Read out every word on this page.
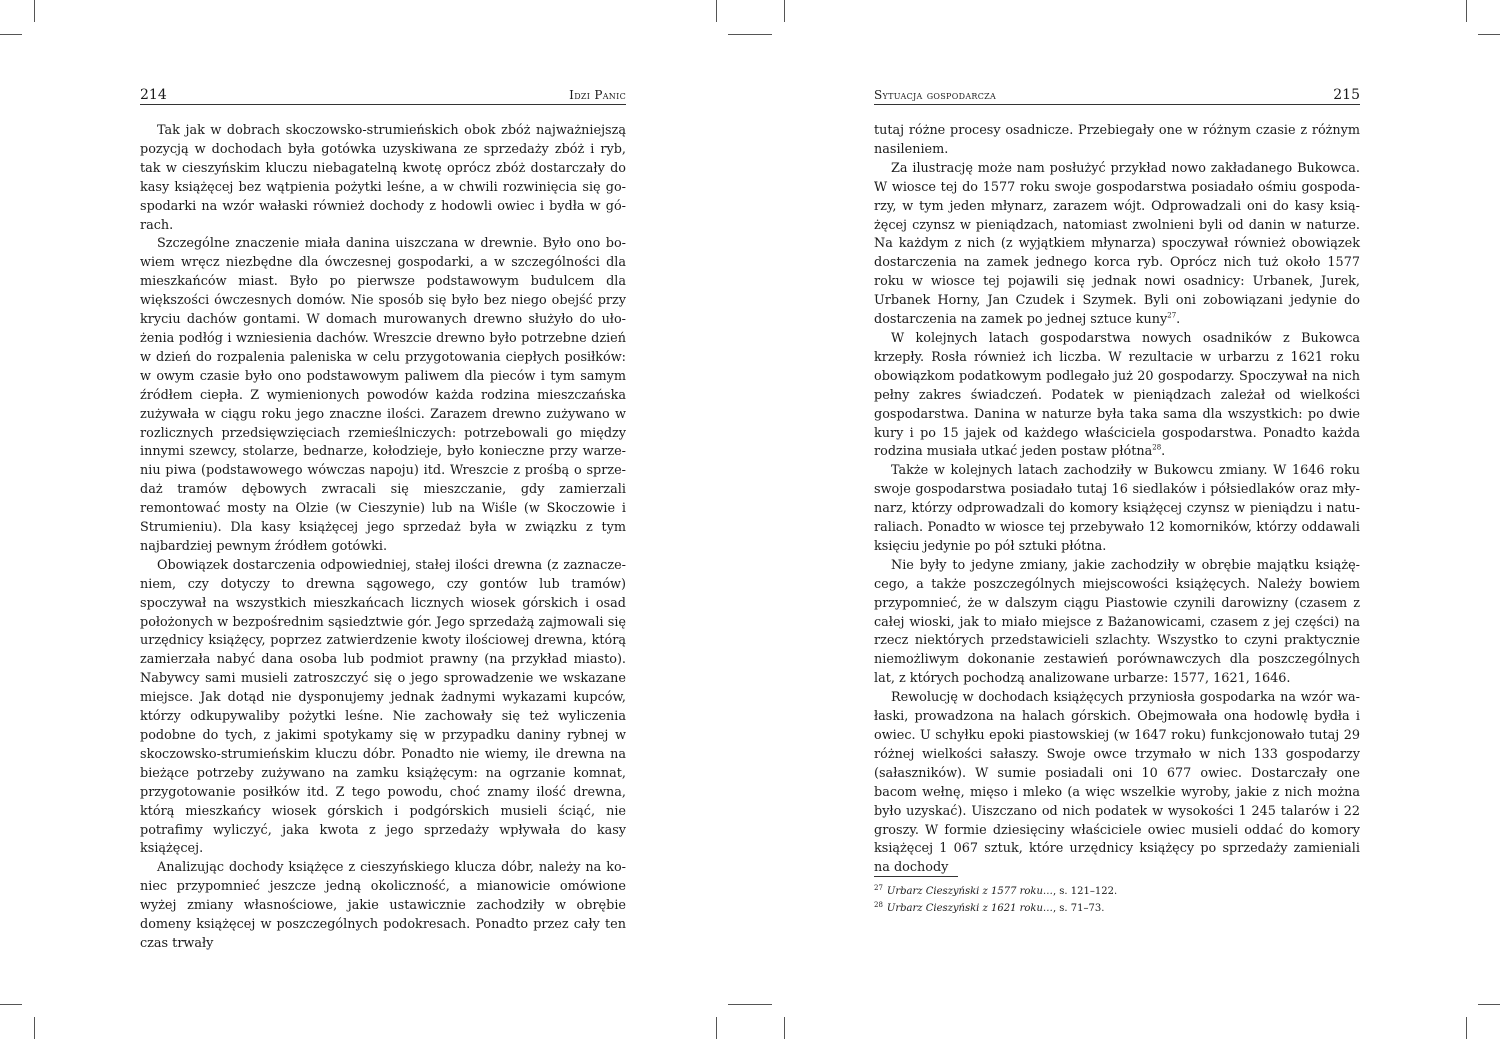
214	Idzi Panic

Tak jak w dobrach skoczowsko-strumieńskich obok zbóż najważniejszą pozycją w dochodach była gotówka uzyskiwana ze sprzedaży zbóż i ryb, tak w cieszyńskim kluczu niebagatelną kwotę oprócz zbóż dostarczały do kasy książęcej bez wątpienia pożytki leśne, a w chwili rozwinięcia się gospodarki na wzór wałaski również dochody z hodowli owiec i bydła w górach.

Szczególne znaczenie miała danina uiszczana w drewnie. Było ono bowiem wręcz niezbędne dla ówczesnej gospodarki, a w szczególności dla mieszkańców miast. Było po pierwsze podstawowym budulcem dla większości ówczesnych domów. Nie sposób się było bez niego obejść przy kryciu dachów gontami. W domach murowanych drewno służyło do ułożenia podłóg i wzniesienia dachów. Wreszcie drewno było potrzebne dzień w dzień do rozpalenia paleniska w celu przygotowania ciepłych posiłków: w owym czasie było ono podstawowym paliwem dla pieców i tym samym źródłem ciepła. Z wymienionych powodów każda rodzina mieszczańska zużywała w ciągu roku jego znaczne ilości. Zarazem drewno zużywano w rozlicznych przedsięwzięciach rzemieślniczych: potrzebowali go między innymi szewcy, stolarze, bednarze, kołodzieje, było konieczne przy warzeniu piwa (podstawowego wówczas napoju) itd. Wreszcie z prośbą o sprzedaż tramów dębowych zwracali się mieszczanie, gdy zamierzali remontować mosty na Olzie (w Cieszynie) lub na Wiśle (w Skoczowie i Strumieniu). Dla kasy książęcej jego sprzedaż była w związku z tym najbardziej pewnym źródłem gotówki.

Obowiązek dostarczenia odpowiedniej, stałej ilości drewna (z zaznaczeniem, czy dotyczy to drewna sągowego, czy gontów lub tramów) spoczywał na wszystkich mieszkańcach licznych wiosek górskich i osad położonych w bezpośrednim sąsiedztwie gór. Jego sprzedażą zajmowali się urzędnicy książęcy, poprzez zatwierdzenie kwoty ilościowej drewna, którą zamierzała nabyć dana osoba lub podmiot prawny (na przykład miasto). Nabywcy sami musieli zatroszczyć się o jego sprowadzenie we wskazane miejsce. Jak dotąd nie dysponujemy jednak żadnymi wykazami kupców, którzy odkupywaliby pożytki leśne. Nie zachowały się też wyliczenia podobne do tych, z jakimi spotykamy się w przypadku daniny rybnej w skoczowsko-strumieńskim kluczu dóbr. Ponadto nie wiemy, ile drewna na bieżące potrzeby zużywano na zamku książęcym: na ogrzanie komnat, przygotowanie posiłków itd. Z tego powodu, choć znamy ilość drewna, którą mieszkańcy wiosek górskich i podgórskich musieli ściąć, nie potrafimy wyliczyć, jaka kwota z jego sprzedaży wpływała do kasy książęcej.

Analizując dochody książęce z cieszyńskiego klucza dóbr, należy na koniec przypomnieć jeszcze jedną okoliczność, a mianowicie omówione wyżej zmiany własnościowe, jakie ustawicznie zachodziły w obrębie domeny książęcej w poszczególnych podokresach. Ponadto przez cały ten czas trwały

Sytuacja gospodarcza	215

tutaj różne procesy osadnicze. Przebiegały one w różnym czasie z różnym nasileniem.

Za ilustrację może nam posłużyć przykład nowo zakładanego Bukowca. W wiosce tej do 1577 roku swoje gospodarstwa posiadało ośmiu gospodarzy, w tym jeden młynarz, zarazem wójt. Odprowadzali oni do kasy książęcej czynsz w pieniądzach, natomiast zwolnieni byli od danin w naturze. Na każdym z nich (z wyjątkiem młynarza) spoczywał również obowiązek dostarczenia na zamek jednego korca ryb. Oprócz nich tuż około 1577 roku w wiosce tej pojawili się jednak nowi osadnicy: Urbanek, Jurek, Urbanek Horny, Jan Czudek i Szymek. Byli oni zobowiązani jedynie do dostarczenia na zamek po jednej sztuce kuny$^{27}$.

W kolejnych latach gospodarstwa nowych osadników z Bukowca krzepły. Rosła również ich liczba. W rezultacie w urbarzu z 1621 roku obowiązkom podatkowym podlegało już 20 gospodarzy. Spoczywał na nich pełny zakres świadczeń. Podatek w pieniądzach zależał od wielkości gospodarstwa. Danina w naturze była taka sama dla wszystkich: po dwie kury i po 15 jajek od każdego właściciela gospodarstwa. Ponadto każda rodzina musiała utkać jeden postaw płótna$^{28}$.

Także w kolejnych latach zachodziły w Bukowcu zmiany. W 1646 roku swoje gospodarstwa posiadało tutaj 16 siedlaków i półsiedlaków oraz młynarz, którzy odprowadzali do komory książęcej czynsz w pieniądzu i naturaliach. Ponadto w wiosce tej przebywało 12 komorników, którzy oddawali księciu jedynie po pół sztuki płótna.

Nie były to jedyne zmiany, jakie zachodziły w obrębie majątku książęcego, a także poszczególnych miejscowości książęcych. Należy bowiem przypomnieć, że w dalszym ciągu Piastowie czynili darowizny (czasem z całej wioski, jak to miało miejsce z Bażanowicami, czasem z jej części) na rzecz niektórych przedstawicieli szlachty. Wszystko to czyni praktycznie niemożliwym dokonanie zestawień porównawczych dla poszczególnych lat, z których pochodzą analizowane urbarze: 1577, 1621, 1646.

Rewolucję w dochodach książęcych przyniosła gospodarka na wzór wałaski, prowadzona na halach górskich. Obejmowała ona hodowlę bydła i owiec. U schyłku epoki piastowskiej (w 1647 roku) funkcjonowało tutaj 29 różnej wielkości sałaszy. Swoje owce trzymało w nich 133 gospodarzy (sałaszników). W sumie posiadali oni 10 677 owiec. Dostarczały one bacom wełnę, mięso i mleko (a więc wszelkie wyroby, jakie z nich można było uzyskać). Uiszczano od nich podatek w wysokości 1 245 talarów i 22 groszy. W formie dziesięciny właściciele owiec musieli oddać do komory książęcej 1 067 sztuk, które urzędnicy książęcy po sprzedaży zamieniali na dochody

$^{27}$ Urbarz Cieszyński z 1577 roku…, s. 121–122.

$^{28}$ Urbarz Cieszyński z 1621 roku…, s. 71–73.
